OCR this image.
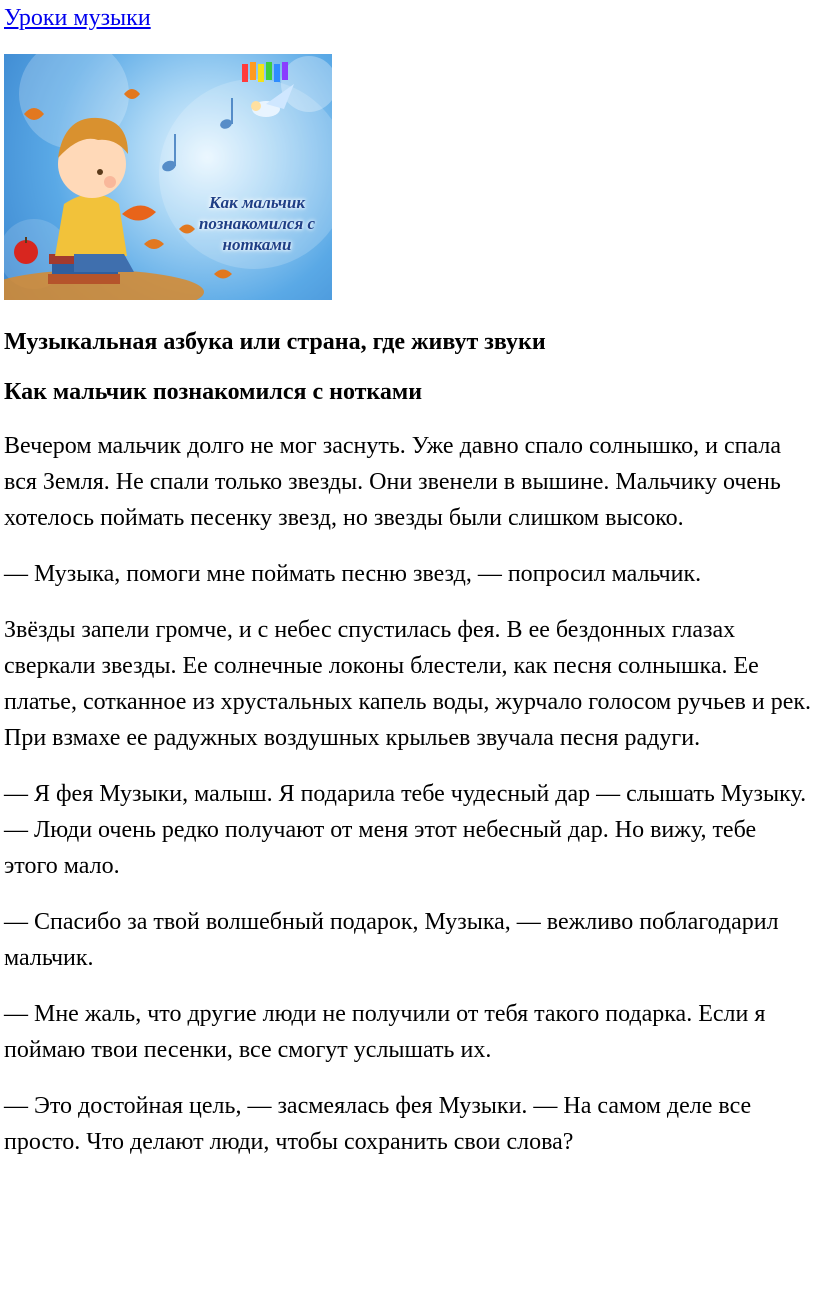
Уроки музыки
Как мальчик
познакомился с
нотками
Музыкальная азбука или страна, где живут звуки
Как мальчик познакомился с нотками

Вечером мальчик долго не мог заснуть. Уже давно спало солнышко, и спала вся Земля. Не спали только звезды. Они звенели в вышине. Мальчику очень хотелось поймать песенку звезд, но звезды были слишком высоко.

— Музыка, помоги мне поймать песню звезд, — попросил мальчик.

Звёзды запели громче, и с небес спустилась фея. В ее бездонных глазах сверкали звезды. Ее солнечные локоны блестели, как песня солнышка. Ее платье, сотканное из хрустальных капель воды, журчало голосом ручьев и рек. При взмахе ее радужных воздушных крыльев звучала песня радуги.

— Я фея Музыки, малыш. Я подарила тебе чудесный дар — слышать Музыку. — Люди очень редко получают от меня этот небесный дар. Но вижу, тебе этого мало.

— Спасибо за твой волшебный подарок, Музыка, — вежливо поблагодарил мальчик.

— Мне жаль, что другие люди не получили от тебя такого подарка. Если я поймаю твои песенки, все смогут услышать их.

— Это достойная цель, — засмеялась фея Музыки. — На самом деле все просто. Что делают люди, чтобы сохранить свои слова?
